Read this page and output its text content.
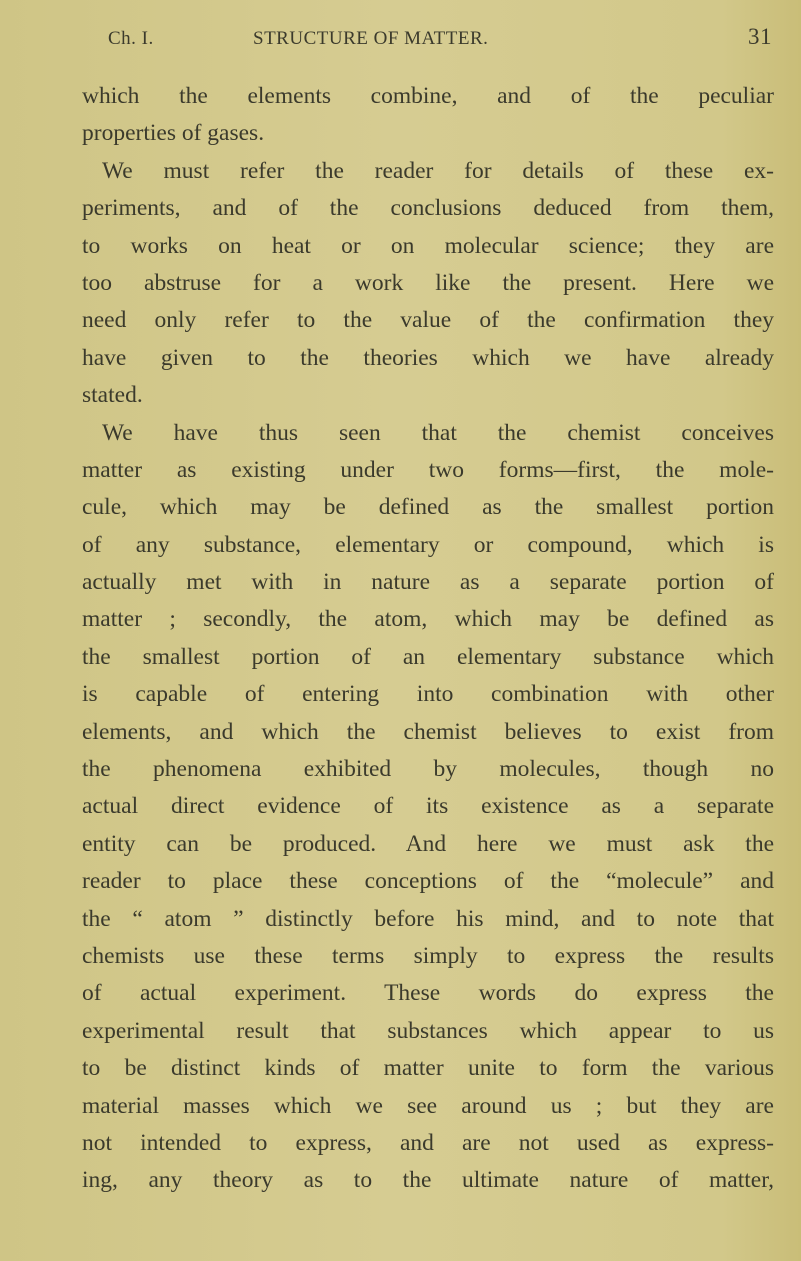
Ch. I.	STRUCTURE OF MATTER.	31
which the elements combine, and of the peculiar
properties of gases.
We must refer the reader for details of these ex-
periments, and of the conclusions deduced from them,
to works on heat or on molecular science; they are
too abstruse for a work like the present. Here we
need only refer to the value of the confirmation they
have given to the theories which we have already
stated.
We have thus seen that the chemist conceives
matter as existing under two forms—first, the mole-
cule, which may be defined as the smallest portion
of any substance, elementary or compound, which is
actually met with in nature as a separate portion of
matter ; secondly, the atom, which may be defined as
the smallest portion of an elementary substance which
is capable of entering into combination with other
elements, and which the chemist believes to exist from
the phenomena exhibited by molecules, though no
actual direct evidence of its existence as a separate
entity can be produced. And here we must ask the
reader to place these conceptions of the “molecule” and
the “ atom ” distinctly before his mind, and to note that
chemists use these terms simply to express the results
of actual experiment. These words do express the
experimental result that substances which appear to us
to be distinct kinds of matter unite to form the various
material masses which we see around us ; but they are
not intended to express, and are not used as express-
ing, any theory as to the ultimate nature of matter,
